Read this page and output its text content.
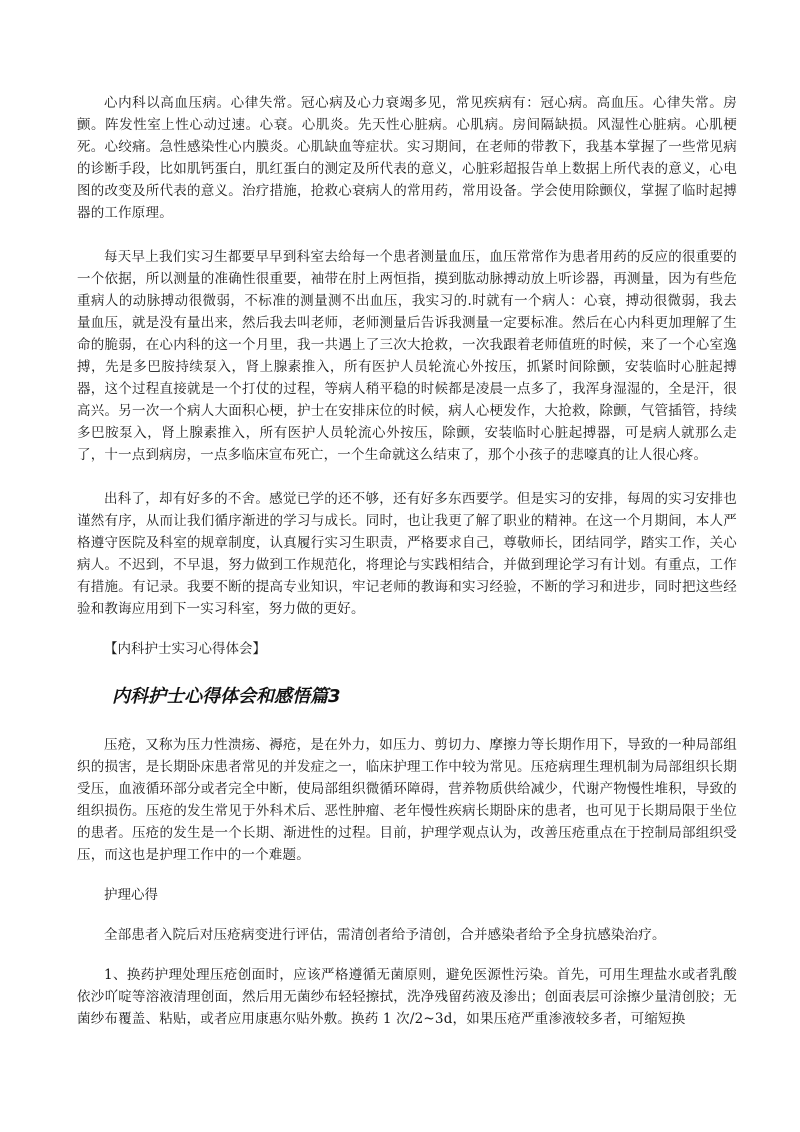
心内科以高血压病。心律失常。冠心病及心力衰竭多见，常见疾病有：冠心病。高血压。心律失常。房颤。阵发性室上性心动过速。心衰。心肌炎。先天性心脏病。心肌病。房间隔缺损。风湿性心脏病。心肌梗死。心绞痛。急性感染性心内膜炎。心肌缺血等症状。实习期间，在老师的带教下，我基本掌握了一些常见病的诊断手段，比如肌钙蛋白，肌红蛋白的测定及所代表的意义，心脏彩超报告单上数据上所代表的意义，心电图的改变及所代表的意义。治疗措施，抢救心衰病人的常用药，常用设备。学会使用除颤仪，掌握了临时起搏器的工作原理。

每天早上我们实习生都要早早到科室去给每一个患者测量血压，血压常常作为患者用药的反应的很重要的一个依据，所以测量的准确性很重要，袖带在肘上两恒指，摸到肱动脉搏动放上听诊器，再测量，因为有些危重病人的动脉搏动很微弱，不标准的测量测不出血压，我实习的.时就有一个病人：心衰，搏动很微弱，我去量血压，就是没有量出来，然后我去叫老师，老师测量后告诉我测量一定要标准。然后在心内科更加理解了生命的脆弱，在心内科的这一个月里，我一共遇上了三次大抢救，一次我跟着老师值班的时候，来了一个心室逸搏，先是多巴胺持续泵入，肾上腺素推入，所有医护人员轮流心外按压，抓紧时间除颤，安装临时心脏起搏器，这个过程直接就是一个打仗的过程，等病人稍平稳的时候都是凌晨一点多了，我浑身湿湿的，全是汗，很高兴。另一次一个病人大面积心梗，护士在安排床位的时候，病人心梗发作，大抢救，除颤，气管插管，持续多巴胺泵入，肾上腺素推入，所有医护人员轮流心外按压，除颤，安装临时心脏起搏器，可是病人就那么走了，十一点到病房，一点多临床宣布死亡，一个生命就这么结束了，那个小孩子的悲嚎真的让人很心疼。

出科了，却有好多的不舍。感觉已学的还不够，还有好多东西要学。但是实习的安排，每周的实习安排也谨然有序，从而让我们循序渐进的学习与成长。同时，也让我更了解了职业的精神。在这一个月期间，本人严格遵守医院及科室的规章制度，认真履行实习生职责，严格要求自己，尊敬师长，团结同学，踏实工作，关心病人。不迟到，不早退，努力做到工作规范化，将理论与实践相结合，并做到理论学习有计划。有重点，工作有措施。有记录。我要不断的提高专业知识，牢记老师的教诲和实习经验，不断的学习和进步，同时把这些经验和教诲应用到下一实习科室，努力做的更好。

【内科护士实习心得体会】

内科护士心得体会和感悟篇3

压疮，又称为压力性溃疡、褥疮，是在外力，如压力、剪切力、摩擦力等长期作用下，导致的一种局部组织的损害，是长期卧床患者常见的并发症之一，临床护理工作中较为常见。压疮病理生理机制为局部组织长期受压，血液循环部分或者完全中断，使局部组织微循环障碍，营养物质供给减少，代谢产物慢性堆积，导致的组织损伤。压疮的发生常见于外科术后、恶性肿瘤、老年慢性疾病长期卧床的患者，也可见于长期局限于坐位的患者。压疮的发生是一个长期、渐进性的过程。目前，护理学观点认为，改善压疮重点在于控制局部组织受压，而这也是护理工作中的一个难题。

护理心得

全部患者入院后对压疮病变进行评估，需清创者给予清创，合并感染者给予全身抗感染治疗。

1、换药护理处理压疮创面时，应该严格遵循无菌原则，避免医源性污染。首先，可用生理盐水或者乳酸依沙吖啶等溶液清理创面，然后用无菌纱布轻轻擦拭，洗净残留药液及渗出；创面表层可涂擦少量清创胶；无菌纱布覆盖、粘贴，或者应用康惠尔贴外敷。换药 1 次/2~3d，如果压疮严重渗液较多者，可缩短换
